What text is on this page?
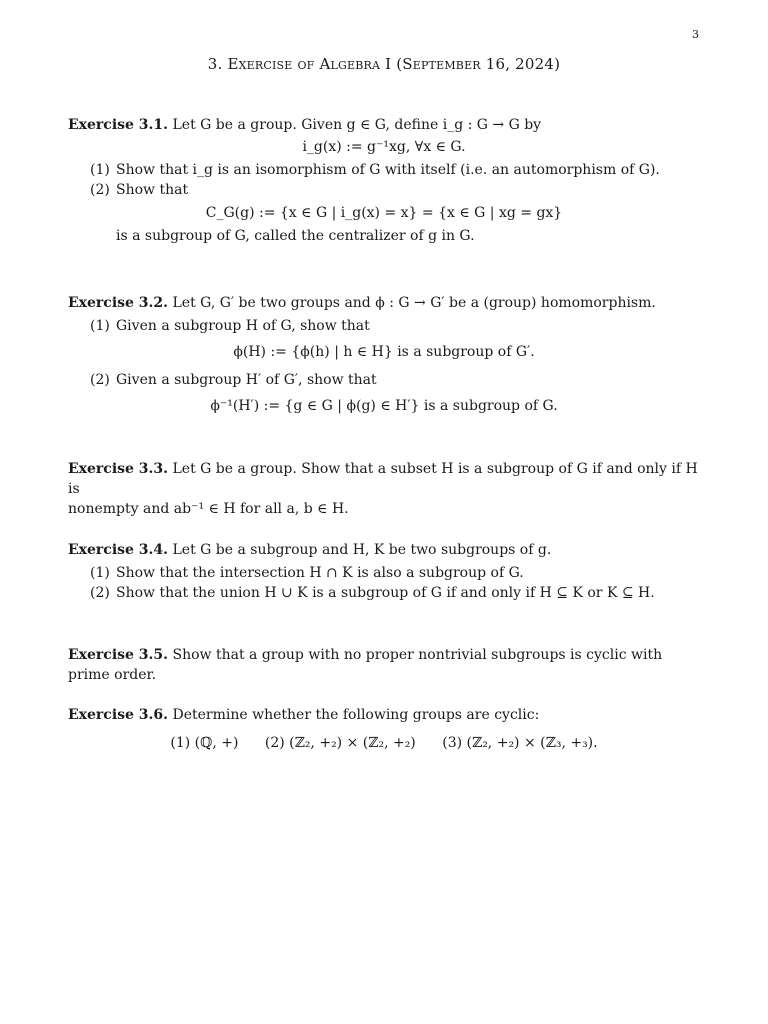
3
3. Exercise of Algebra I (September 16, 2024)
Exercise 3.1. Let G be a group. Given g ∈ G, define i_g : G → G by
i_g(x) := g⁻¹xg, ∀x ∈ G.
(1) Show that i_g is an isomorphism of G with itself (i.e. an automorphism of G).
(2) Show that
C_G(g) := {x ∈ G | i_g(x) = x} = {x ∈ G | xg = gx}
is a subgroup of G, called the centralizer of g in G.
Exercise 3.2. Let G, G′ be two groups and ϕ : G → G′ be a (group) homomorphism.
(1) Given a subgroup H of G, show that
ϕ(H) := {ϕ(h) | h ∈ H} is a subgroup of G′.
(2) Given a subgroup H′ of G′, show that
ϕ⁻¹(H′) := {g ∈ G | ϕ(g) ∈ H′} is a subgroup of G.
Exercise 3.3. Let G be a group. Show that a subset H is a subgroup of G if and only if H is
nonempty and ab⁻¹ ∈ H for all a, b ∈ H.
Exercise 3.4. Let G be a subgroup and H, K be two subgroups of g.
(1) Show that the intersection H ∩ K is also a subgroup of G.
(2) Show that the union H ∪ K is a subgroup of G if and only if H ⊆ K or K ⊆ H.
Exercise 3.5. Show that a group with no proper nontrivial subgroups is cyclic with prime order.
Exercise 3.6. Determine whether the following groups are cyclic:
(1) (ℚ, +) (2) (ℤ₂, +₂) × (ℤ₂, +₂) (3) (ℤ₂, +₂) × (ℤ₃, +₃).
